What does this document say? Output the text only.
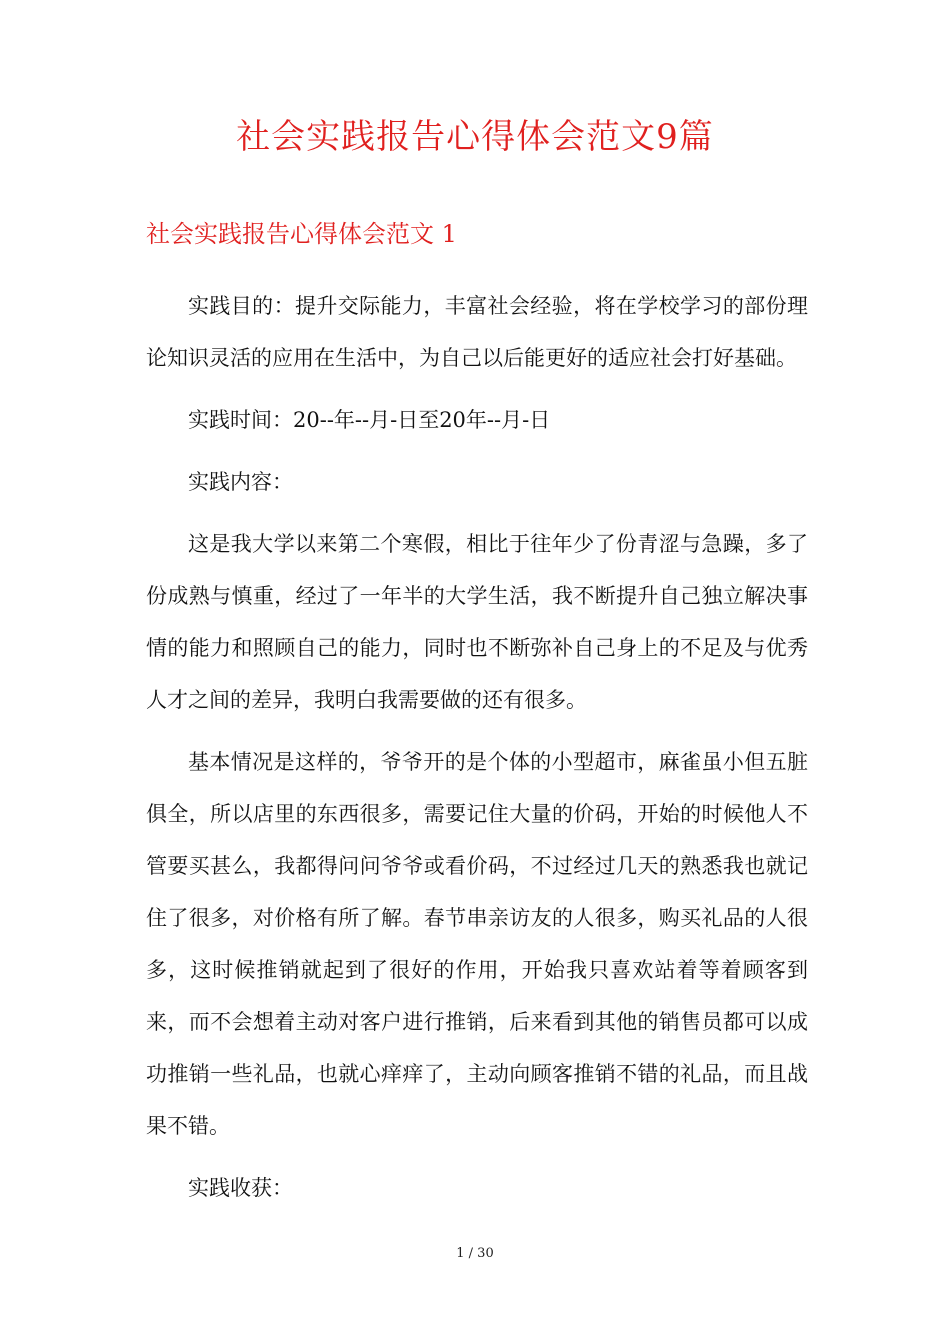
社会实践报告心得体会范文9篇
社会实践报告心得体会范文 1

实践目的：提升交际能力，丰富社会经验，将在学校学习的部份理论知识灵活的应用在生活中，为自己以后能更好的适应社会打好基础。

实践时间：20--年--月-日至20年--月-日

实践内容：

这是我大学以来第二个寒假，相比于往年少了份青涩与急躁，多了份成熟与慎重，经过了一年半的大学生活，我不断提升自己独立解决事情的能力和照顾自己的能力，同时也不断弥补自己身上的不足及与优秀人才之间的差异，我明白我需要做的还有很多。

基本情况是这样的，爷爷开的是个体的小型超市，麻雀虽小但五脏俱全，所以店里的东西很多，需要记住大量的价码，开始的时候他人不管要买甚么，我都得问问爷爷或看价码，不过经过几天的熟悉我也就记住了很多，对价格有所了解。春节串亲访友的人很多，购买礼品的人很多，这时候推销就起到了很好的作用，开始我只喜欢站着等着顾客到来，而不会想着主动对客户进行推销，后来看到其他的销售员都可以成功推销一些礼品，也就心痒痒了，主动向顾客推销不错的礼品，而且战果不错。

实践收获：

1 / 30
